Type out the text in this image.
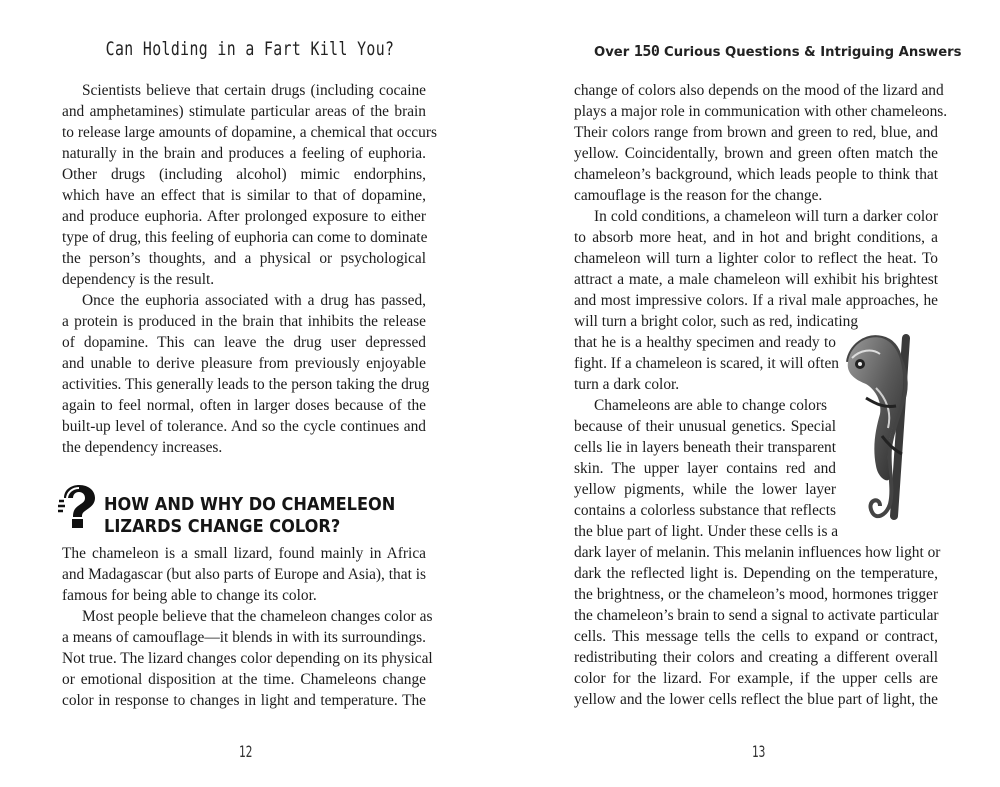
Can Holding in a Fart Kill You?
Scientists believe that certain drugs (including cocaine
and amphetamines) stimulate particular areas of the brain
to release large amounts of dopamine, a chemical that occurs
naturally in the brain and produces a feeling of euphoria.
Other drugs (including alcohol) mimic endorphins,
which have an effect that is similar to that of dopamine,
and produce euphoria. After prolonged exposure to either
type of drug, this feeling of euphoria can come to dominate
the person’s thoughts, and a physical or psychological
dependency is the result.
Once the euphoria associated with a drug has passed,
a protein is produced in the brain that inhibits the release
of dopamine. This can leave the drug user depressed
and unable to derive pleasure from previously enjoyable
activities. This generally leads to the person taking the drug
again to feel normal, often in larger doses because of the
built-up level of tolerance. And so the cycle continues and
the dependency increases.
HOW AND WHY DO CHAMELEON
LIZARDS CHANGE COLOR?
The chameleon is a small lizard, found mainly in Africa
and Madagascar (but also parts of Europe and Asia), that is
famous for being able to change its color.
Most people believe that the chameleon changes color as
a means of camouflage—it blends in with its surroundings.
Not true. The lizard changes color depending on its physical
or emotional disposition at the time. Chameleons change
color in response to changes in light and temperature. The
12
Over 150 Curious Questions & Intriguing Answers
change of colors also depends on the mood of the lizard and
plays a major role in communication with other chameleons.
Their colors range from brown and green to red, blue, and
yellow. Coincidentally, brown and green often match the
chameleon’s background, which leads people to think that
camouflage is the reason for the change.
In cold conditions, a chameleon will turn a darker color
to absorb more heat, and in hot and bright conditions, a
chameleon will turn a lighter color to reflect the heat. To
attract a mate, a male chameleon will exhibit his brightest
and most impressive colors. If a rival male approaches, he
will turn a bright color, such as red, indicating
that he is a healthy specimen and ready to
fight. If a chameleon is scared, it will often
turn a dark color.
Chameleons are able to change colors
because of their unusual genetics. Special
cells lie in layers beneath their transparent
skin. The upper layer contains red and
yellow pigments, while the lower layer
contains a colorless substance that reflects
the blue part of light. Under these cells is a
dark layer of melanin. This melanin influences how light or
dark the reflected light is. Depending on the temperature,
the brightness, or the chameleon’s mood, hormones trigger
the chameleon’s brain to send a signal to activate particular
cells. This message tells the cells to expand or contract,
redistributing their colors and creating a different overall
color for the lizard. For example, if the upper cells are
yellow and the lower cells reflect the blue part of light, the
13
